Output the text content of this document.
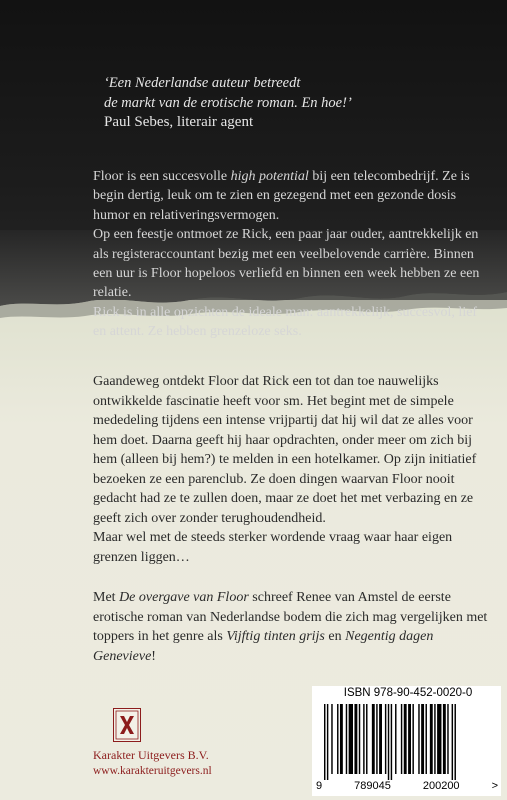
‘Een Nederlandse auteur betreedt
de markt van de erotische roman. En hoe!’
Paul Sebes, literair agent

Floor is een succesvolle high potential bij een telecombedrijf. Ze is begin dertig, leuk om te zien en gezegend met een gezonde dosis humor en relativeringsvermogen.

Op een feestje ontmoet ze Rick, een paar jaar ouder, aantrekkelijk en als registeraccountant bezig met een veelbelovende carrière. Binnen een uur is Floor hopeloos verliefd en binnen een week hebben ze een relatie.

Rick is in alle opzichten de ideale man: aantrekkelijk, succesvol, lief en attent. Ze hebben grenzeloze seks.

Gaandeweg ontdekt Floor dat Rick een tot dan toe nauwelijks ontwikkelde fascinatie heeft voor sm. Het begint met de simpele mededeling tijdens een intense vrijpartij dat hij wil dat ze alles voor hem doet. Daarna geeft hij haar opdrachten, onder meer om zich bij hem (alleen bij hem?) te melden in een hotelkamer. Op zijn initiatief bezoeken ze een parenclub. Ze doen dingen waarvan Floor nooit gedacht had ze te zullen doen, maar ze doet het met verbazing en ze geeft zich over zonder terughoudendheid.

Maar wel met de steeds sterker wordende vraag waar haar eigen grenzen liggen…

Met De overgave van Floor schreef Renee van Amstel de eerste erotische roman van Nederlandse bodem die zich mag vergelijken met toppers in het genre als Vijftig tinten grijs en Negentig dagen Genevieve!

Karakter Uitgevers B.V.
www.karakteruitgevers.nl
ISBN 978-90-452-0020-0
9	789045	200200	>
